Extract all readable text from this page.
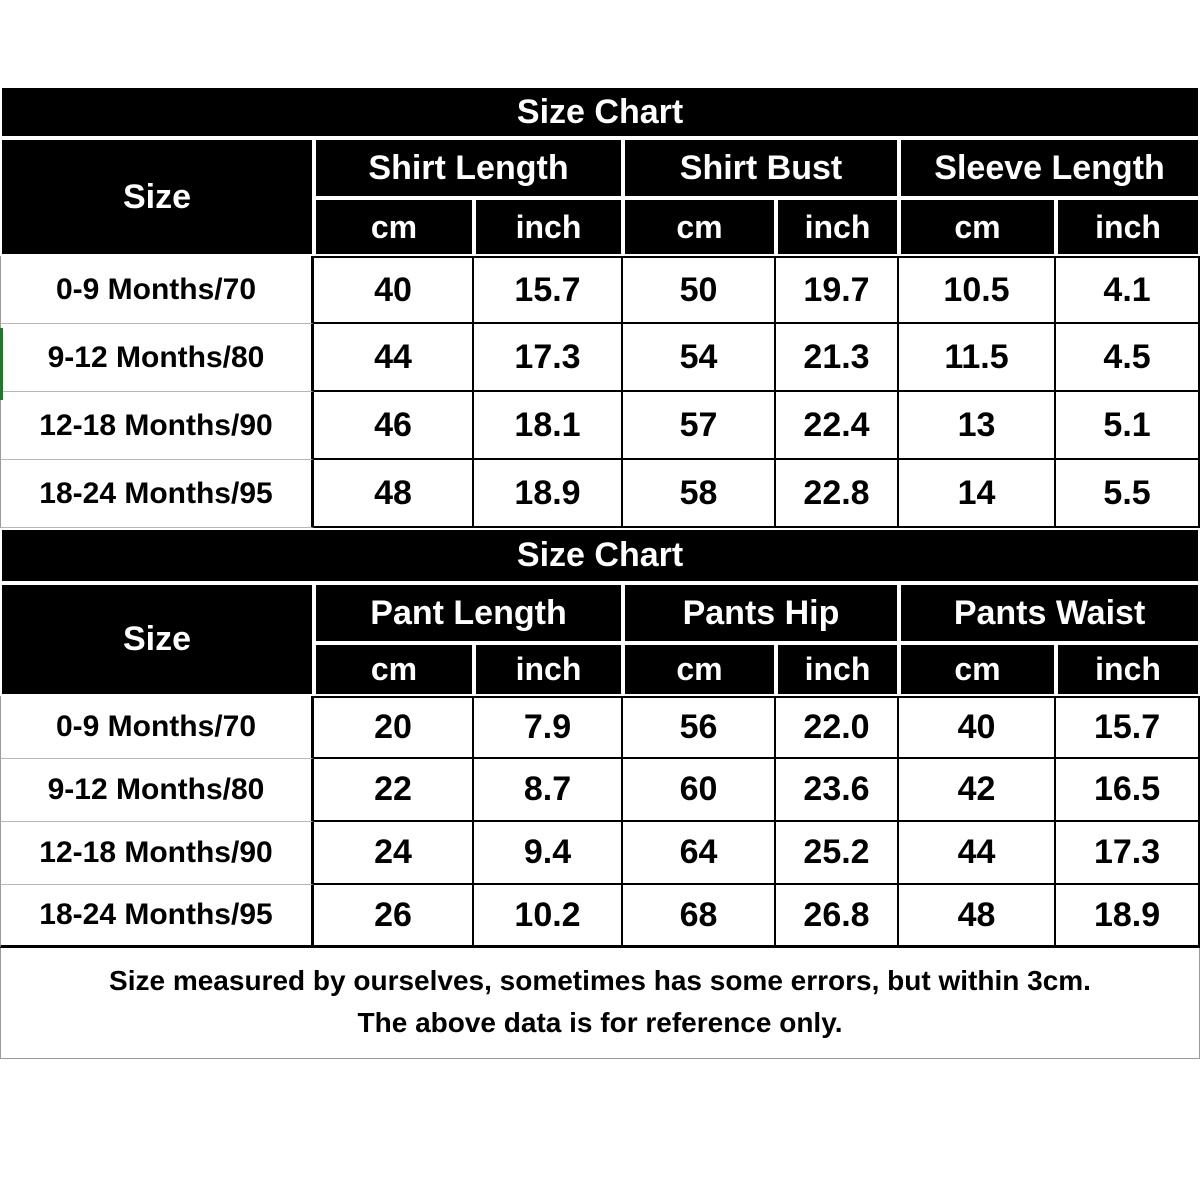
Size Chart						
Size	Shirt Length		Shirt Bust		Sleeve Length	
	cm	inch	cm	inch	cm	inch
0-9 Months/70	40	15.7	50	19.7	10.5	4.1
9-12 Months/80	44	17.3	54	21.3	11.5	4.5
12-18 Months/90	46	18.1	57	22.4	13	5.1
18-24 Months/95	48	18.9	58	22.8	14	5.5
Size Chart						
Size	Pant Length		Pants Hip		Pants Waist	
	cm	inch	cm	inch	cm	inch
0-9 Months/70	20	7.9	56	22.0	40	15.7
9-12 Months/80	22	8.7	60	23.6	42	16.5
12-18 Months/90	24	9.4	64	25.2	44	17.3
18-24 Months/95	26	10.2	68	26.8	48	18.9
Size measured by ourselves, sometimes has some errors, but within 3cm.
The above data is for reference only.
